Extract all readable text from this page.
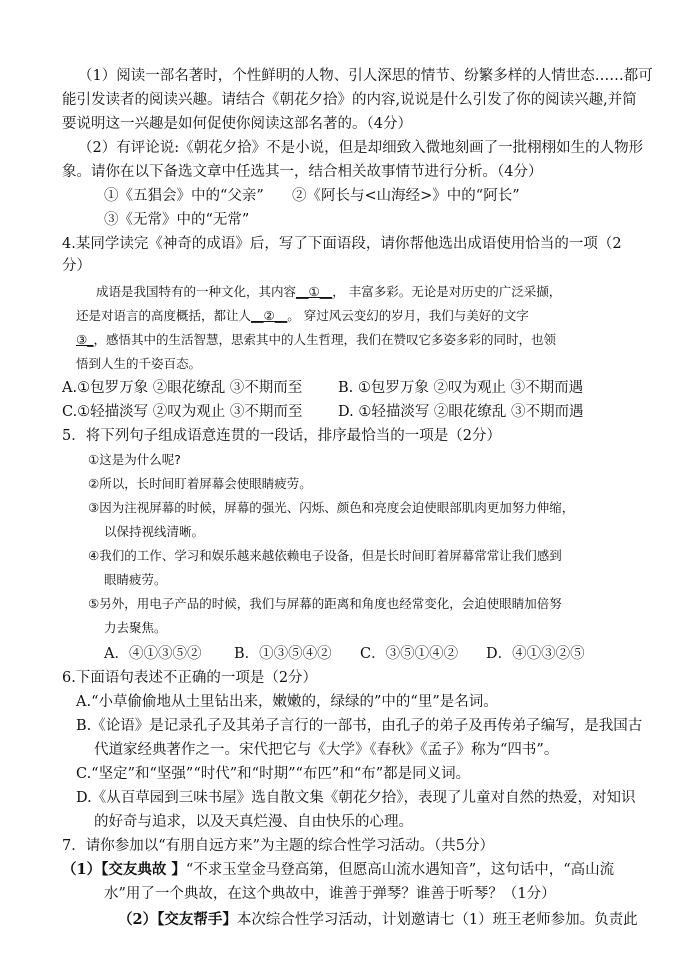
（1）阅读一部名著时，个性鲜明的人物、引人深思的情节、纷繁多样的人情世态……都可
能引发读者的阅读兴趣。请结合《朝花夕拾》的内容,说说是什么引发了你的阅读兴趣,并简
要说明这一兴趣是如何促使你阅读这部名著的。（4分）
（2）有评论说:《朝花夕拾》不是小说，但是却细致入微地刻画了一批栩栩如生的人物形
象。请你在以下备选文章中任选其一，结合相关故事情节进行分析。（4分）
①《五猖会》中的“父亲” ②《阿长与<山海经>》中的“阿长”
③《无常》中的“无常”
4.某同学读完《神奇的成语》后，写了下面语段，请你帮他选出成语使用恰当的一项（2
分）
成语是我国特有的一种文化，其内容__①__， 丰富多彩。无论是对历史的广泛采撷，
还是对语言的高度概括，都让人__②__。 穿过风云变幻的岁月，我们与美好的文字
③_，感悟其中的生活智慧，思索其中的人生哲理，我们在赞叹它多姿多彩的同时，也领
悟到人生的千姿百态。
A.①包罗万象 ②眼花缭乱 ③不期而至 B. ①包罗万象 ②叹为观止 ③不期而遇
C.①轻描淡写 ②叹为观止 ③不期而至 D. ①轻描淡写 ②眼花缭乱 ③不期而遇
5．将下列句子组成语意连贯的一段话，排序最恰当的一项是（2分）
①这是为什么呢?
②所以，长时间盯着屏幕会使眼睛疲劳。
③因为注视屏幕的时候，屏幕的强光、闪烁、颜色和亮度会迫使眼部肌肉更加努力伸缩，
以保持视线清晰。
④我们的工作、学习和娱乐越来越依赖电子设备，但是长时间盯着屏幕常常让我们感到
眼睛疲劳。
⑤另外，用电子产品的时候，我们与屏幕的距离和角度也经常变化，会迫使眼睛加倍努
力去聚焦。
A．④①③⑤② B．①③⑤④② C．③⑤①④② D．④①③②⑤
6.下面语句表述不正确的一项是（2分）
A.“小草偷偷地从土里钻出来，嫩嫩的，绿绿的”中的“里”是名词。
B.《论语》是记录孔子及其弟子言行的一部书，由孔子的弟子及再传弟子编写，是我国古
代道家经典著作之一。宋代把它与《大学》《春秋》《孟子》称为“四书”。
C.“坚定”和“坚强”“时代”和“时期”“布匹”和“布”都是同义词。
D.《从百草园到三味书屋》选自散文集《朝花夕拾》，表现了儿童对自然的热爱，对知识
的好奇与追求，以及天真烂漫、自由快乐的心理。
7．请你参加以“有朋自远方来”为主题的综合性学习活动。（共5分）
（1）【交友典故 】“不求玉堂金马登高第，但愿高山流水遇知音”，这句话中，“高山流
水”用了一个典故，在这个典故中，谁善于弹琴？谁善于听琴？（1分）
（2）【交友帮手】本次综合性学习活动，计划邀请七（1）班王老师参加。负责此
